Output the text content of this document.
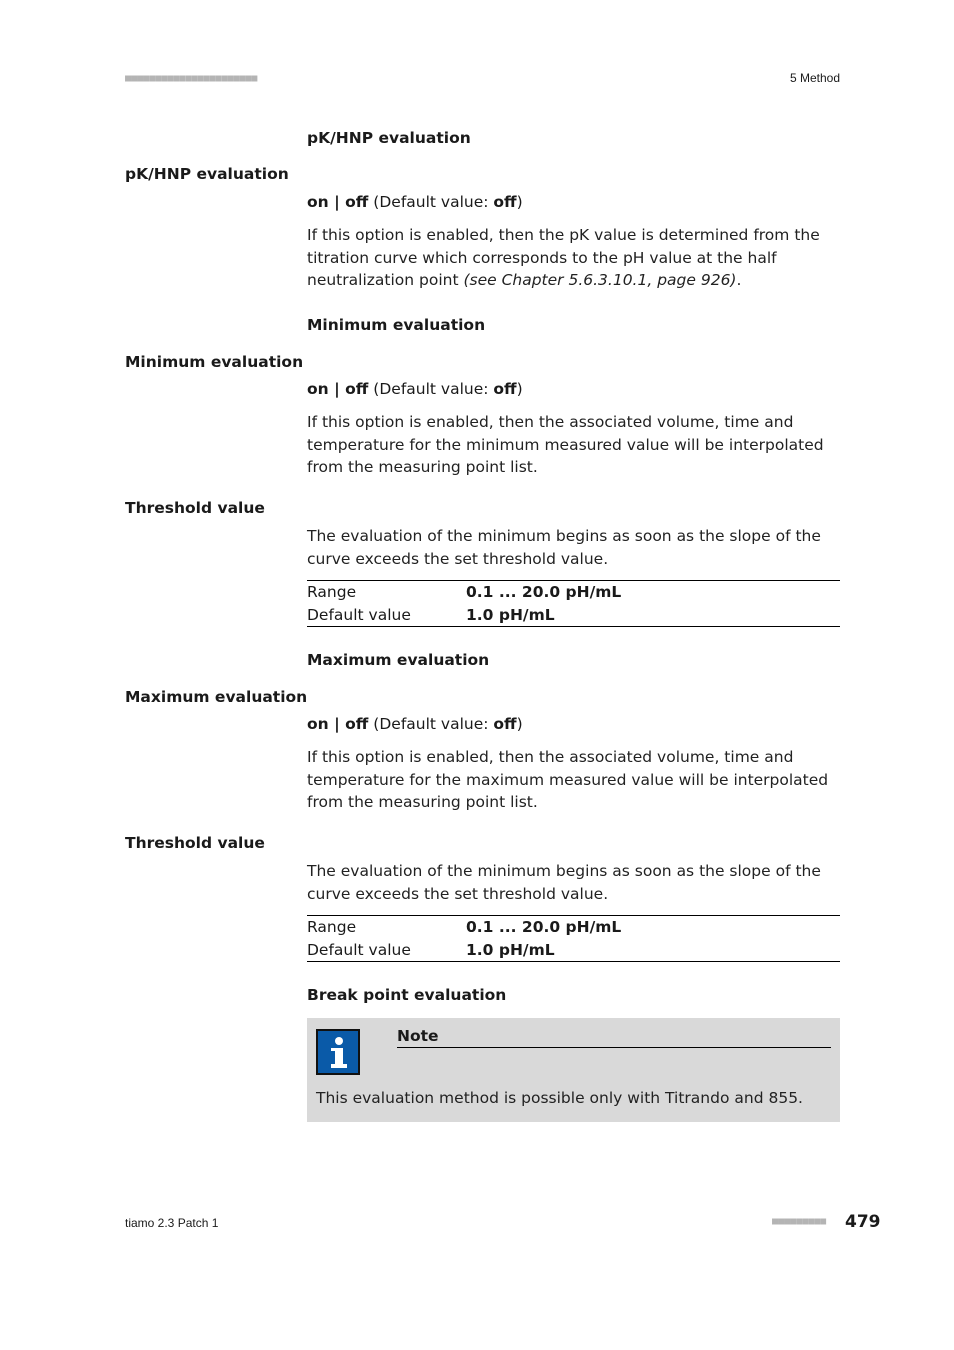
■■■■■■■■■■■■■■■■■■■■■■	5 Method
pK/HNP evaluation
pK/HNP evaluation
on | off (Default value: off)
If this option is enabled, then the pK value is determined from the titration curve which corresponds to the pH value at the half neutralization point (see Chapter 5.6.3.10.1, page 926).
Minimum evaluation
Minimum evaluation
on | off (Default value: off)
If this option is enabled, then the associated volume, time and temperature for the minimum measured value will be interpolated from the measuring point list.
Threshold value
The evaluation of the minimum begins as soon as the slope of the curve exceeds the set threshold value.
Range	0.1 ... 20.0 pH/mL
Default value	1.0 pH/mL
Maximum evaluation
Maximum evaluation
on | off (Default value: off)
If this option is enabled, then the associated volume, time and temperature for the maximum measured value will be interpolated from the measuring point list.
Threshold value
The evaluation of the minimum begins as soon as the slope of the curve exceeds the set threshold value.
Range	0.1 ... 20.0 pH/mL
Default value	1.0 pH/mL
Break point evaluation
Note
This evaluation method is possible only with Titrando and 855.
tiamo 2.3 Patch 1	■■■■■■■■■ 479
